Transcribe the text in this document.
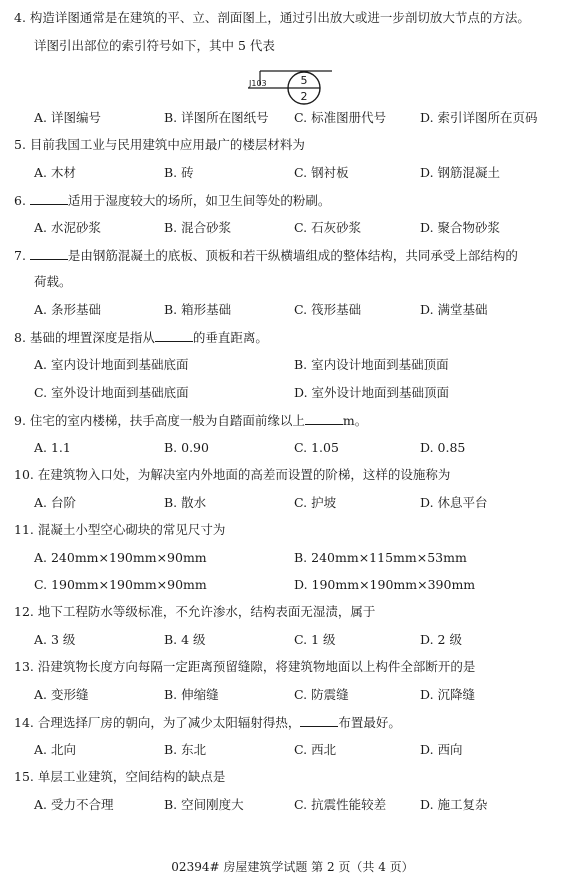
4. 构造详图通常是在建筑的平、立、剖面图上，通过引出放大或进一步剖切放大节点的方法。
详图引出部位的索引符号如下，其中 5 代表
J103	5
2
A. 详图编号	B. 详图所在图纸号 C. 标准图册代号	D. 索引详图所在页码
5. 目前我国工业与民用建筑中应用最广的楼层材料为
A. 木材	B. 砖	C. 钢衬板	D. 钢筋混凝土
6.	适用于湿度较大的场所，如卫生间等处的粉刷。
A. 水泥砂浆	B. 混合砂浆	C. 石灰砂浆	D. 聚合物砂浆
7.	是由钢筋混凝土的底板、顶板和若干纵横墙组成的整体结构，共同承受上部结构的
荷载。
A. 条形基础	B. 箱形基础	C. 筏形基础	D. 满堂基础
8. 基础的埋置深度是指从	的垂直距离。
A. 室内设计地面到基础底面	B. 室内设计地面到基础顶面
C. 室外设计地面到基础底面	D. 室外设计地面到基础顶面
9. 住宅的室内楼梯，扶手高度一般为自踏面前缘以上	m。
A. 1.1	B. 0.90	C. 1.05	D. 0.85
10. 在建筑物入口处，为解决室内外地面的高差而设置的阶梯，这样的设施称为
A. 台阶	B. 散水	C. 护坡	D. 休息平台
11. 混凝土小型空心砌块的常见尺寸为
A. 240mm×190mm×90mm	B. 240mm×115mm×53mm
C. 190mm×190mm×90mm	D. 190mm×190mm×390mm
12. 地下工程防水等级标准，不允许渗水，结构表面无湿渍，属于
A. 3 级	B. 4 级	C. 1 级	D. 2 级
13. 沿建筑物长度方向每隔一定距离预留缝隙，将建筑物地面以上构件全部断开的是
A. 变形缝	B. 伸缩缝	C. 防震缝	D. 沉降缝
14. 合理选择厂房的朝向，为了减少太阳辐射得热，	布置最好。
A. 北向	B. 东北	C. 西北	D. 西向
15. 单层工业建筑，空间结构的缺点是
A. 受力不合理	B. 空间刚度大	C. 抗震性能较差	D. 施工复杂
02394# 房屋建筑学试题 第 2 页（共 4 页）
